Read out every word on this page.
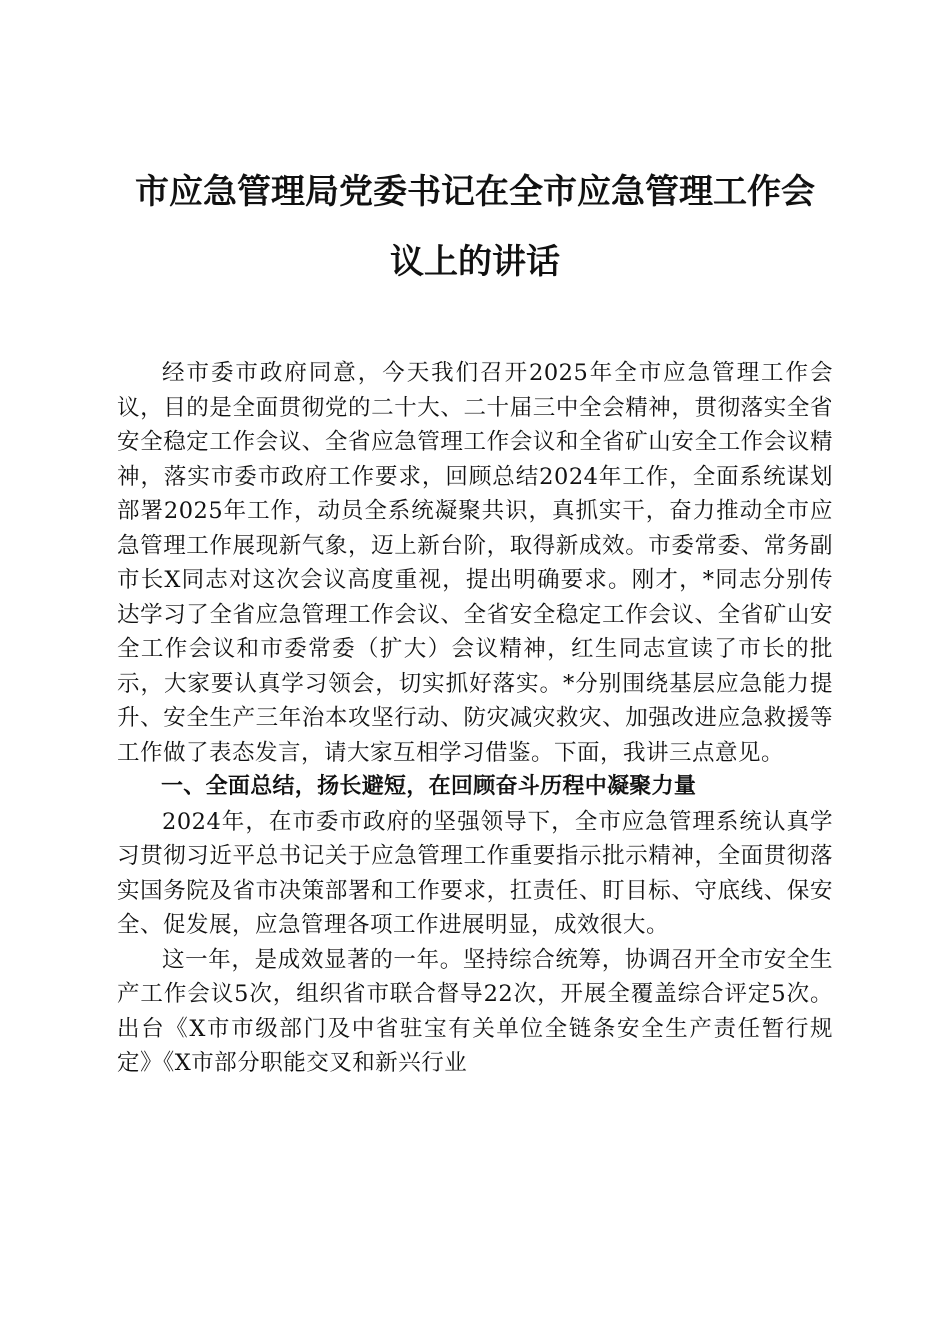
市应急管理局党委书记在全市应急管理工作会
议上的讲话

经市委市政府同意，今天我们召开2025年全市应急管理工作会议，目的是全面贯彻党的二十大、二十届三中全会精神，贯彻落实全省安全稳定工作会议、全省应急管理工作会议和全省矿山安全工作会议精神，落实市委市政府工作要求，回顾总结2024年工作，全面系统谋划部署2025年工作，动员全系统凝聚共识，真抓实干，奋力推动全市应急管理工作展现新气象，迈上新台阶，取得新成效。市委常委、常务副市长X同志对这次会议高度重视，提出明确要求。刚才，*同志分别传达学习了全省应急管理工作会议、全省安全稳定工作会议、全省矿山安全工作会议和市委常委（扩大）会议精神，红生同志宣读了市长的批示，大家要认真学习领会，切实抓好落实。*分别围绕基层应急能力提升、安全生产三年治本攻坚行动、防灾减灾救灾、加强改进应急救援等工作做了表态发言，请大家互相学习借鉴。下面，我讲三点意见。

一、全面总结，扬长避短，在回顾奋斗历程中凝聚力量

2024年，在市委市政府的坚强领导下，全市应急管理系统认真学习贯彻习近平总书记关于应急管理工作重要指示批示精神，全面贯彻落实国务院及省市决策部署和工作要求，扛责任、盯目标、守底线、保安全、促发展，应急管理各项工作进展明显，成效很大。

这一年，是成效显著的一年。坚持综合统筹，协调召开全市安全生产工作会议5次，组织省市联合督导22次，开展全覆盖综合评定5次。出台《X市市级部门及中省驻宝有关单位全链条安全生产责任暂行规定》《X市部分职能交叉和新兴行业
